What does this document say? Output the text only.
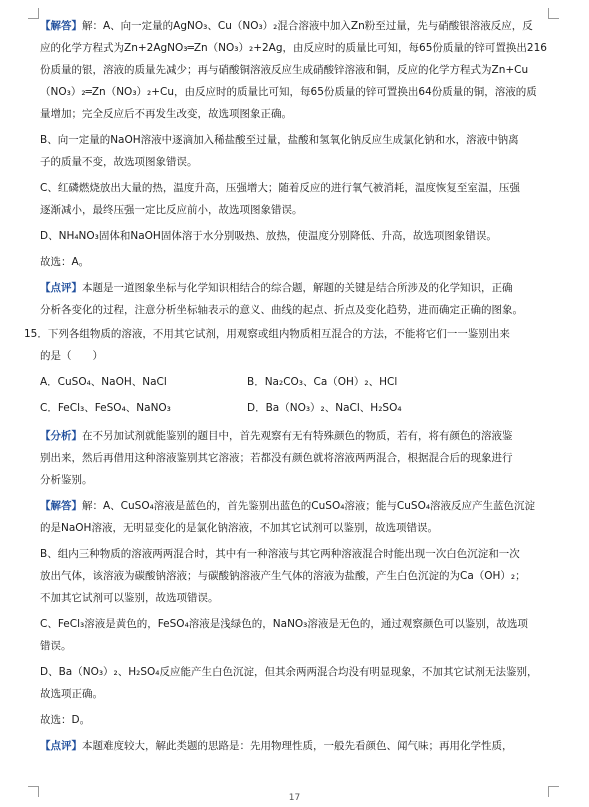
【解答】解：A、向一定量的AgNO₃、Cu（NO₃）₂混合溶液中加入Zn粉至过量，先与硝酸银溶液反应，反
应的化学方程式为Zn+2AgNO₃═Zn（NO₃）₂+2Ag，由反应时的质量比可知，每65份质量的锌可置换出216
份质量的银，溶液的质量先减少；再与硝酸铜溶液反应生成硝酸锌溶液和铜，反应的化学方程式为Zn+Cu
（NO₃）₂═Zn（NO₃）₂+Cu，由反应时的质量比可知，每65份质量的锌可置换出64份质量的铜，溶液的质
量增加；完全反应后不再发生改变，故选项图象正确。
B、向一定量的NaOH溶液中逐滴加入稀盐酸至过量，盐酸和氢氧化钠反应生成氯化钠和水，溶液中钠离
子的质量不变，故选项图象错误。
C、红磷燃烧放出大量的热，温度升高，压强增大；随着反应的进行氧气被消耗，温度恢复至室温，压强
逐渐减小，最终压强一定比反应前小，故选项图象错误。
D、NH₄NO₃固体和NaOH固体溶于水分别吸热、放热，使温度分别降低、升高，故选项图象错误。
故选：A。
【点评】本题是一道图象坐标与化学知识相结合的综合题，解题的关键是结合所涉及的化学知识，正确
分析各变化的过程，注意分析坐标轴表示的意义、曲线的起点、折点及变化趋势，进而确定正确的图象。
15．下列各组物质的溶液，不用其它试剂，用观察或组内物质相互混合的方法，不能将它们一一鉴别出来
的是（　　）
A．CuSO₄、NaOH、NaCl	B．Na₂CO₃、Ca（OH）₂、HCl
C．FeCl₃、FeSO₄、NaNO₃	D．Ba（NO₃）₂、NaCl、H₂SO₄
【分析】在不另加试剂就能鉴别的题目中，首先观察有无有特殊颜色的物质，若有，将有颜色的溶液鉴
别出来，然后再借用这种溶液鉴别其它溶液；若都没有颜色就将溶液两两混合，根据混合后的现象进行
分析鉴别。
【解答】解：A、CuSO₄溶液是蓝色的，首先鉴别出蓝色的CuSO₄溶液；能与CuSO₄溶液反应产生蓝色沉淀
的是NaOH溶液，无明显变化的是氯化钠溶液，不加其它试剂可以鉴别，故选项错误。
B、组内三种物质的溶液两两混合时，其中有一种溶液与其它两种溶液混合时能出现一次白色沉淀和一次
放出气体，该溶液为碳酸钠溶液；与碳酸钠溶液产生气体的溶液为盐酸，产生白色沉淀的为Ca（OH）₂；
不加其它试剂可以鉴别，故选项错误。
C、FeCl₃溶液是黄色的，FeSO₄溶液是浅绿色的，NaNO₃溶液是无色的，通过观察颜色可以鉴别，故选项
错误。
D、Ba（NO₃）₂、H₂SO₄反应能产生白色沉淀，但其余两两混合均没有明显现象，不加其它试剂无法鉴别，
故选项正确。
故选：D。
【点评】本题难度较大，解此类题的思路是：先用物理性质，一般先看颜色、闻气味；再用化学性质，
17
